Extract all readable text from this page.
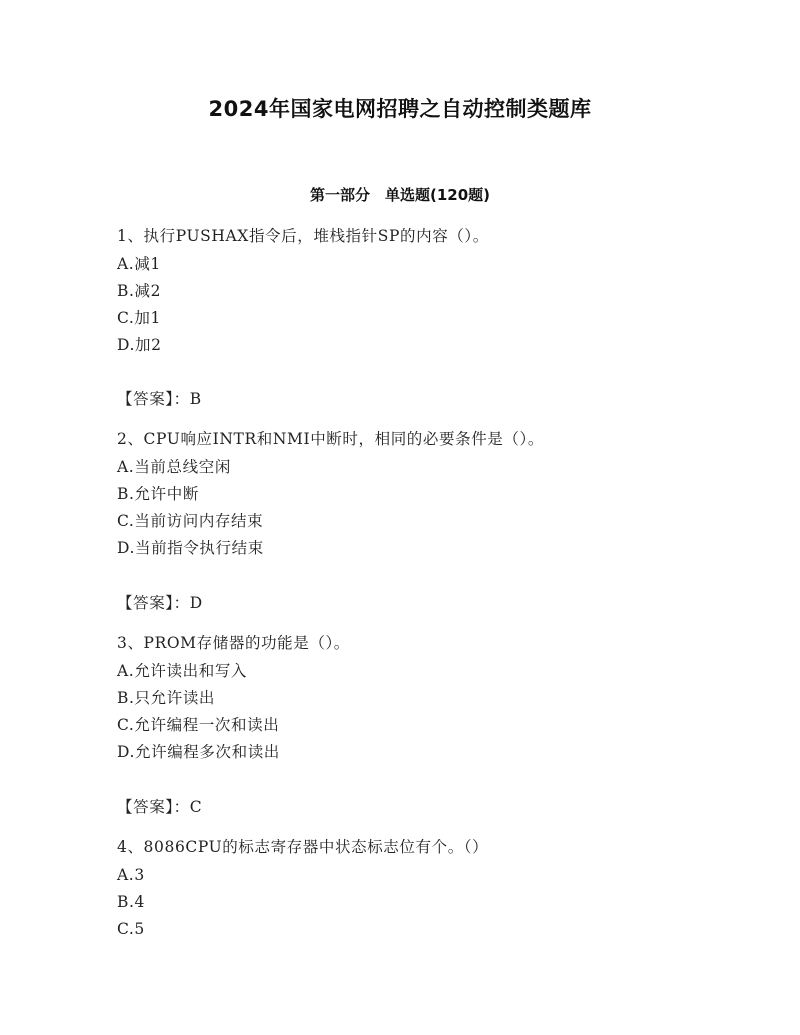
2024年国家电网招聘之自动控制类题库
第一部分　单选题(120题)
1、执行PUSHAX指令后，堆栈指针SP的内容（）。
A.减1
B.减2
C.加1
D.加2
【答案】：B
2、CPU响应INTR和NMI中断时，相同的必要条件是（）。
A.当前总线空闲
B.允许中断
C.当前访问内存结束
D.当前指令执行结束
【答案】：D
3、PROM存储器的功能是（）。
A.允许读出和写入
B.只允许读出
C.允许编程一次和读出
D.允许编程多次和读出
【答案】：C
4、8086CPU的标志寄存器中状态标志位有个。（）
A.3
B.4
C.5
